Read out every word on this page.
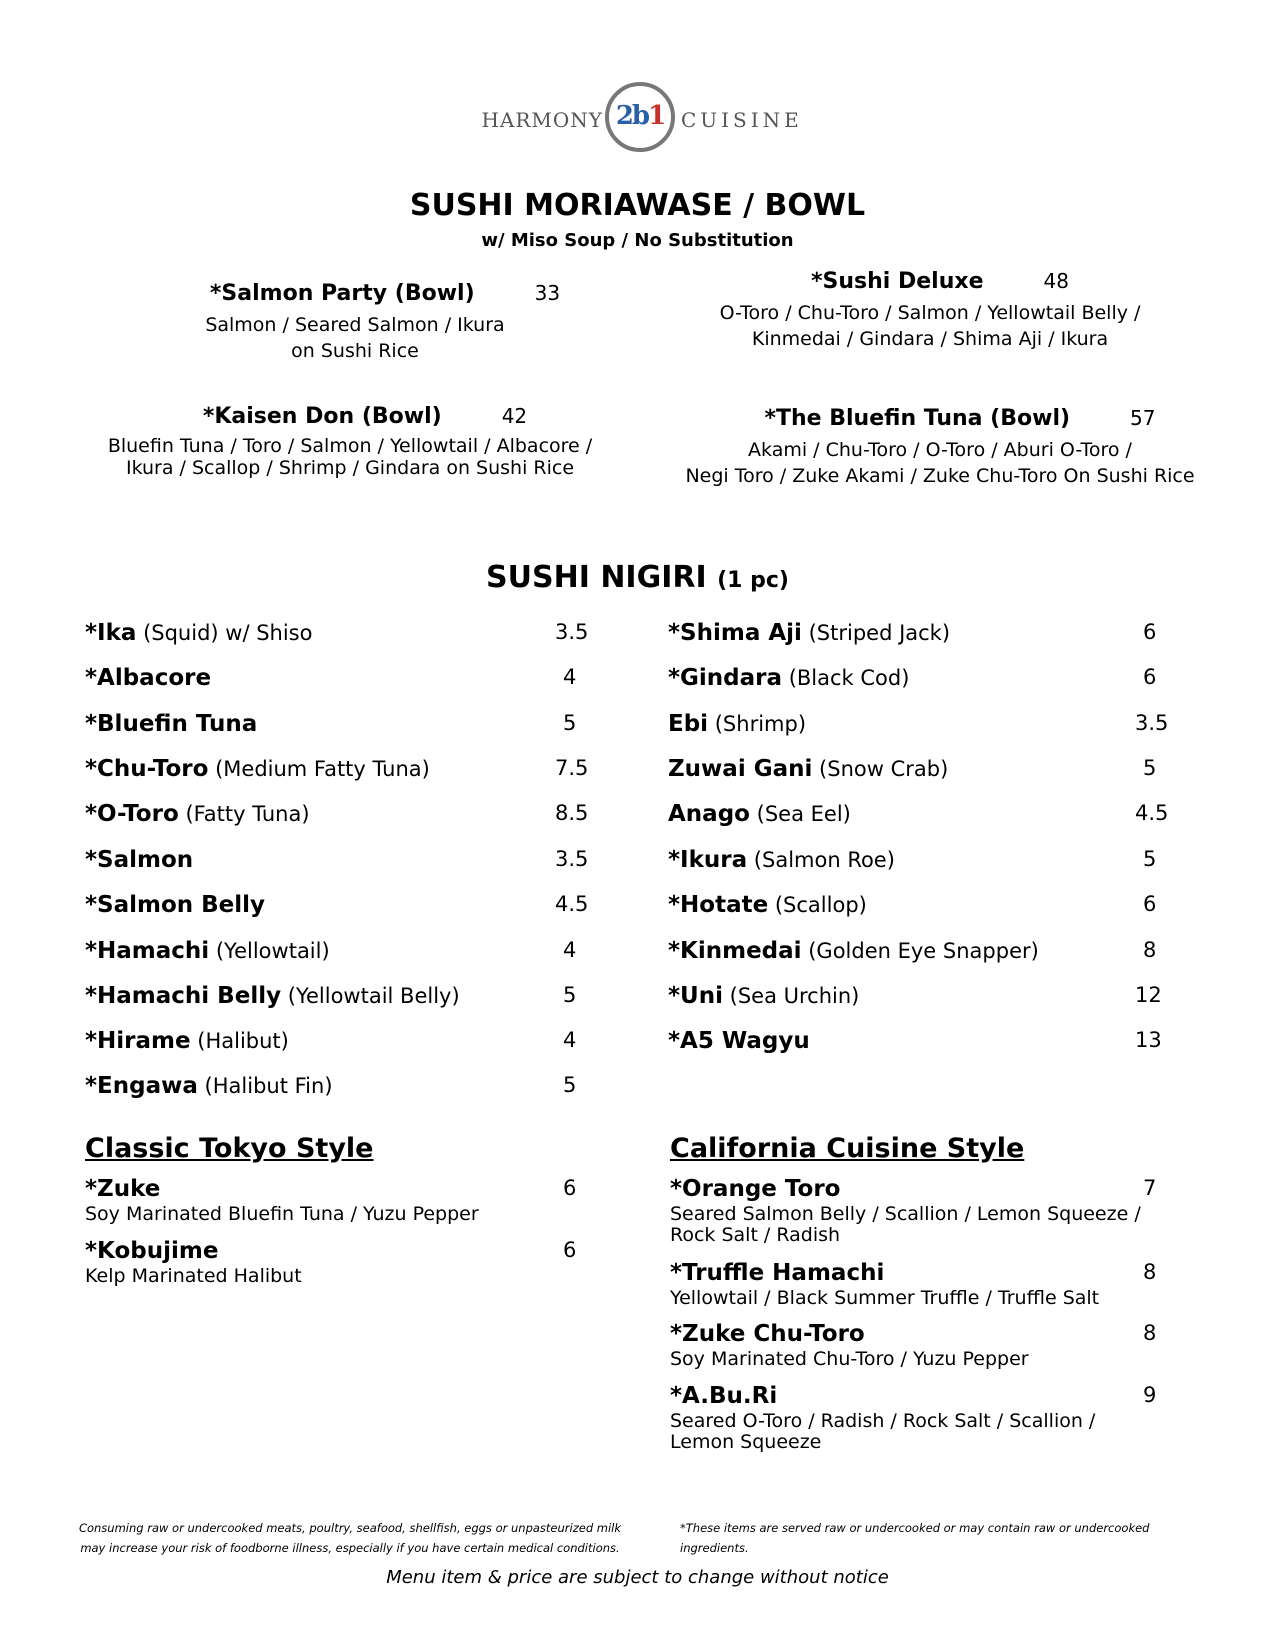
HARMONY 2b1 CUISINE
SUSHI MORIAWASE / BOWL
w/ Miso Soup / No Substitution
*Salmon Party (Bowl)	33
Salmon / Seared Salmon / Ikura
on Sushi Rice
*Sushi Deluxe	48
O-Toro / Chu-Toro / Salmon / Yellowtail Belly /
Kinmedai / Gindara / Shima Aji / Ikura
*Kaisen Don (Bowl)	42
Bluefin Tuna / Toro / Salmon / Yellowtail / Albacore /
Ikura / Scallop / Shrimp / Gindara on Sushi Rice
*The Bluefin Tuna (Bowl)	57
Akami / Chu-Toro / O-Toro / Aburi O-Toro /
Negi Toro / Zuke Akami / Zuke Chu-Toro On Sushi Rice
SUSHI NIGIRI (1 pc)
*Ika (Squid) w/ Shiso	3.5
*Albacore	4
*Bluefin Tuna	5
*Chu-Toro (Medium Fatty Tuna)	7.5
*O-Toro (Fatty Tuna)	8.5
*Salmon	3.5
*Salmon Belly	4.5
*Hamachi (Yellowtail)	4
*Hamachi Belly (Yellowtail Belly)	5
*Hirame (Halibut)	4
*Engawa (Halibut Fin)	5
*Shima Aji (Striped Jack)	6
*Gindara (Black Cod)	6
Ebi (Shrimp)	3.5
Zuwai Gani (Snow Crab)	5
Anago (Sea Eel)	4.5
*Ikura (Salmon Roe)	5
*Hotate (Scallop)	6
*Kinmedai (Golden Eye Snapper)	8
*Uni (Sea Urchin)	12
*A5 Wagyu	13
Classic Tokyo Style
*Zuke	6
Soy Marinated Bluefin Tuna / Yuzu Pepper
*Kobujime	6
Kelp Marinated Halibut
California Cuisine Style
*Orange Toro	7
Seared Salmon Belly / Scallion / Lemon Squeeze /
Rock Salt / Radish
*Truffle Hamachi	8
Yellowtail / Black Summer Truffle / Truffle Salt
*Zuke Chu-Toro	8
Soy Marinated Chu-Toro / Yuzu Pepper
*A.Bu.Ri	9
Seared O-Toro / Radish / Rock Salt / Scallion /
Lemon Squeeze
Consuming raw or undercooked meats, poultry, seafood, shellfish, eggs or unpasteurized milk
may increase your risk of foodborne illness, especially if you have certain medical conditions.
*These items are served raw or undercooked or may contain raw or undercooked
ingredients.
Menu item & price are subject to change without notice
